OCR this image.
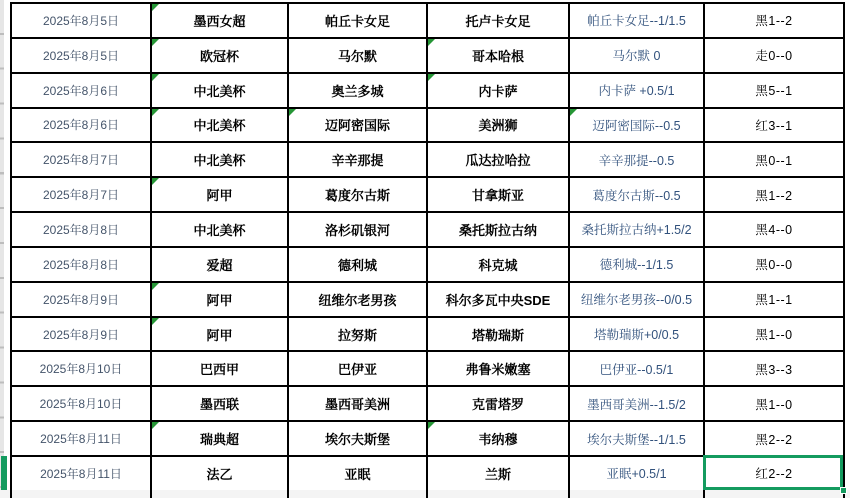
2025年8月5日	墨西女超	帕丘卡女足	托卢卡女足	帕丘卡女足--1/1.5	黑1--2
2025年8月5日	欧冠杯	马尔默	哥本哈根	马尔默 0	走0--0
2025年8月6日	中北美杯	奥兰多城	内卡萨	内卡萨 +0.5/1	黑5--1
2025年8月6日	中北美杯	迈阿密国际	美洲狮	迈阿密国际--0.5	红3--1
2025年8月7日	中北美杯	辛辛那提	瓜达拉哈拉	辛辛那提--0.5	黑0--1
2025年8月7日	阿甲	葛度尔古斯	甘拿斯亚	葛度尔古斯--0.5	黑1--2
2025年8月8日	中北美杯	洛杉矶银河	桑托斯拉古纳	桑托斯拉古纳+1.5/2	黑4--0
2025年8月8日	爱超	德利城	科克城	德利城--1/1.5	黑0--0
2025年8月9日	阿甲	纽维尔老男孩	科尔多瓦中央SDE	纽维尔老男孩--0/0.5	黑1--1
2025年8月9日	阿甲	拉努斯	塔勒瑞斯	塔勒瑞斯+0/0.5	黑1--0
2025年8月10日	巴西甲	巴伊亚	弗鲁米嫩塞	巴伊亚--0.5/1	黑3--3
2025年8月10日	墨西联	墨西哥美洲	克雷塔罗	墨西哥美洲--1.5/2	黑1--0
2025年8月11日	瑞典超	埃尔夫斯堡	韦纳穆	埃尔夫斯堡--1/1.5	黑2--2
2025年8月11日	法乙	亚眠	兰斯	亚眠+0.5/1	红2--2
